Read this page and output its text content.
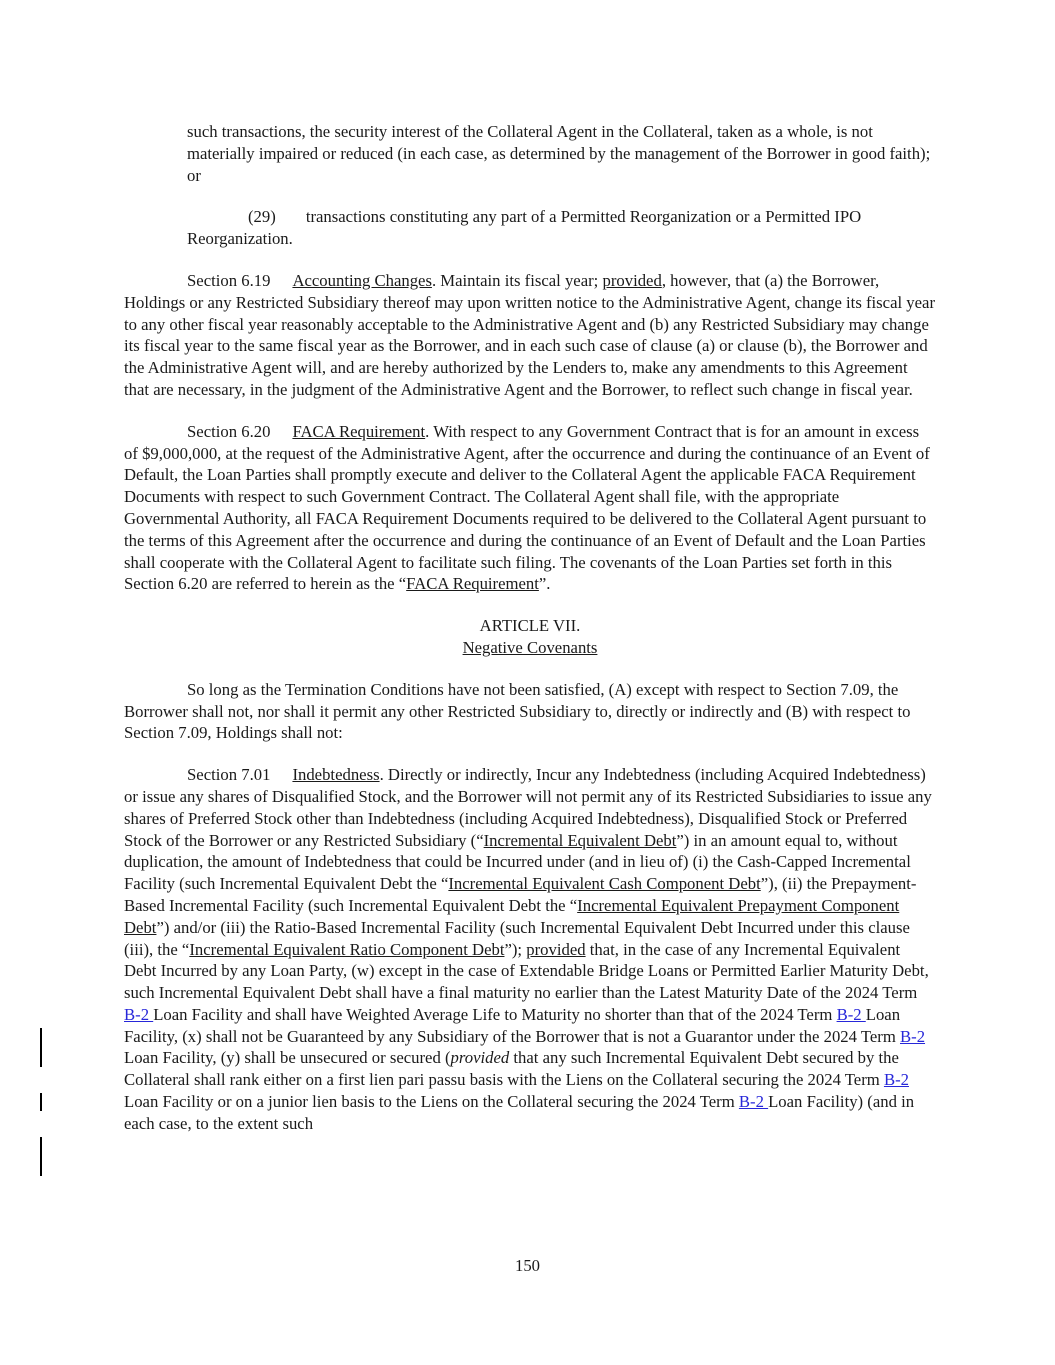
such transactions, the security interest of the Collateral Agent in the Collateral, taken as a whole, is not materially impaired or reduced (in each case, as determined by the management of the Borrower in good faith); or
(29) transactions constituting any part of a Permitted Reorganization or a Permitted IPO Reorganization.
Section 6.19 Accounting Changes. Maintain its fiscal year; provided, however, that (a) the Borrower, Holdings or any Restricted Subsidiary thereof may upon written notice to the Administrative Agent, change its fiscal year to any other fiscal year reasonably acceptable to the Administrative Agent and (b) any Restricted Subsidiary may change its fiscal year to the same fiscal year as the Borrower, and in each such case of clause (a) or clause (b), the Borrower and the Administrative Agent will, and are hereby authorized by the Lenders to, make any amendments to this Agreement that are necessary, in the judgment of the Administrative Agent and the Borrower, to reflect such change in fiscal year.
Section 6.20 FACA Requirement. With respect to any Government Contract that is for an amount in excess of $9,000,000, at the request of the Administrative Agent, after the occurrence and during the continuance of an Event of Default, the Loan Parties shall promptly execute and deliver to the Collateral Agent the applicable FACA Requirement Documents with respect to such Government Contract. The Collateral Agent shall file, with the appropriate Governmental Authority, all FACA Requirement Documents required to be delivered to the Collateral Agent pursuant to the terms of this Agreement after the occurrence and during the continuance of an Event of Default and the Loan Parties shall cooperate with the Collateral Agent to facilitate such filing. The covenants of the Loan Parties set forth in this Section 6.20 are referred to herein as the “FACA Requirement”.
ARTICLE VII.
Negative Covenants
So long as the Termination Conditions have not been satisfied, (A) except with respect to Section 7.09, the Borrower shall not, nor shall it permit any other Restricted Subsidiary to, directly or indirectly and (B) with respect to Section 7.09, Holdings shall not:
Section 7.01 Indebtedness. Directly or indirectly, Incur any Indebtedness (including Acquired Indebtedness) or issue any shares of Disqualified Stock, and the Borrower will not permit any of its Restricted Subsidiaries to issue any shares of Preferred Stock other than Indebtedness (including Acquired Indebtedness), Disqualified Stock or Preferred Stock of the Borrower or any Restricted Subsidiary (“Incremental Equivalent Debt”) in an amount equal to, without duplication, the amount of Indebtedness that could be Incurred under (and in lieu of) (i) the Cash-Capped Incremental Facility (such Incremental Equivalent Debt the “Incremental Equivalent Cash Component Debt”), (ii) the Prepayment-Based Incremental Facility (such Incremental Equivalent Debt the “Incremental Equivalent Prepayment Component Debt”) and/or (iii) the Ratio-Based Incremental Facility (such Incremental Equivalent Debt Incurred under this clause (iii), the “Incremental Equivalent Ratio Component Debt”); provided that, in the case of any Incremental Equivalent Debt Incurred by any Loan Party, (w) except in the case of Extendable Bridge Loans or Permitted Earlier Maturity Debt, such Incremental Equivalent Debt shall have a final maturity no earlier than the Latest Maturity Date of the 2024 Term B-2 Loan Facility and shall have Weighted Average Life to Maturity no shorter than that of the 2024 Term B-2 Loan Facility, (x) shall not be Guaranteed by any Subsidiary of the Borrower that is not a Guarantor under the 2024 Term B-2 Loan Facility, (y) shall be unsecured or secured (provided that any such Incremental Equivalent Debt secured by the Collateral shall rank either on a first lien pari passu basis with the Liens on the Collateral securing the 2024 Term B-2 Loan Facility or on a junior lien basis to the Liens on the Collateral securing the 2024 Term B-2 Loan Facility) (and in each case, to the extent such
150
